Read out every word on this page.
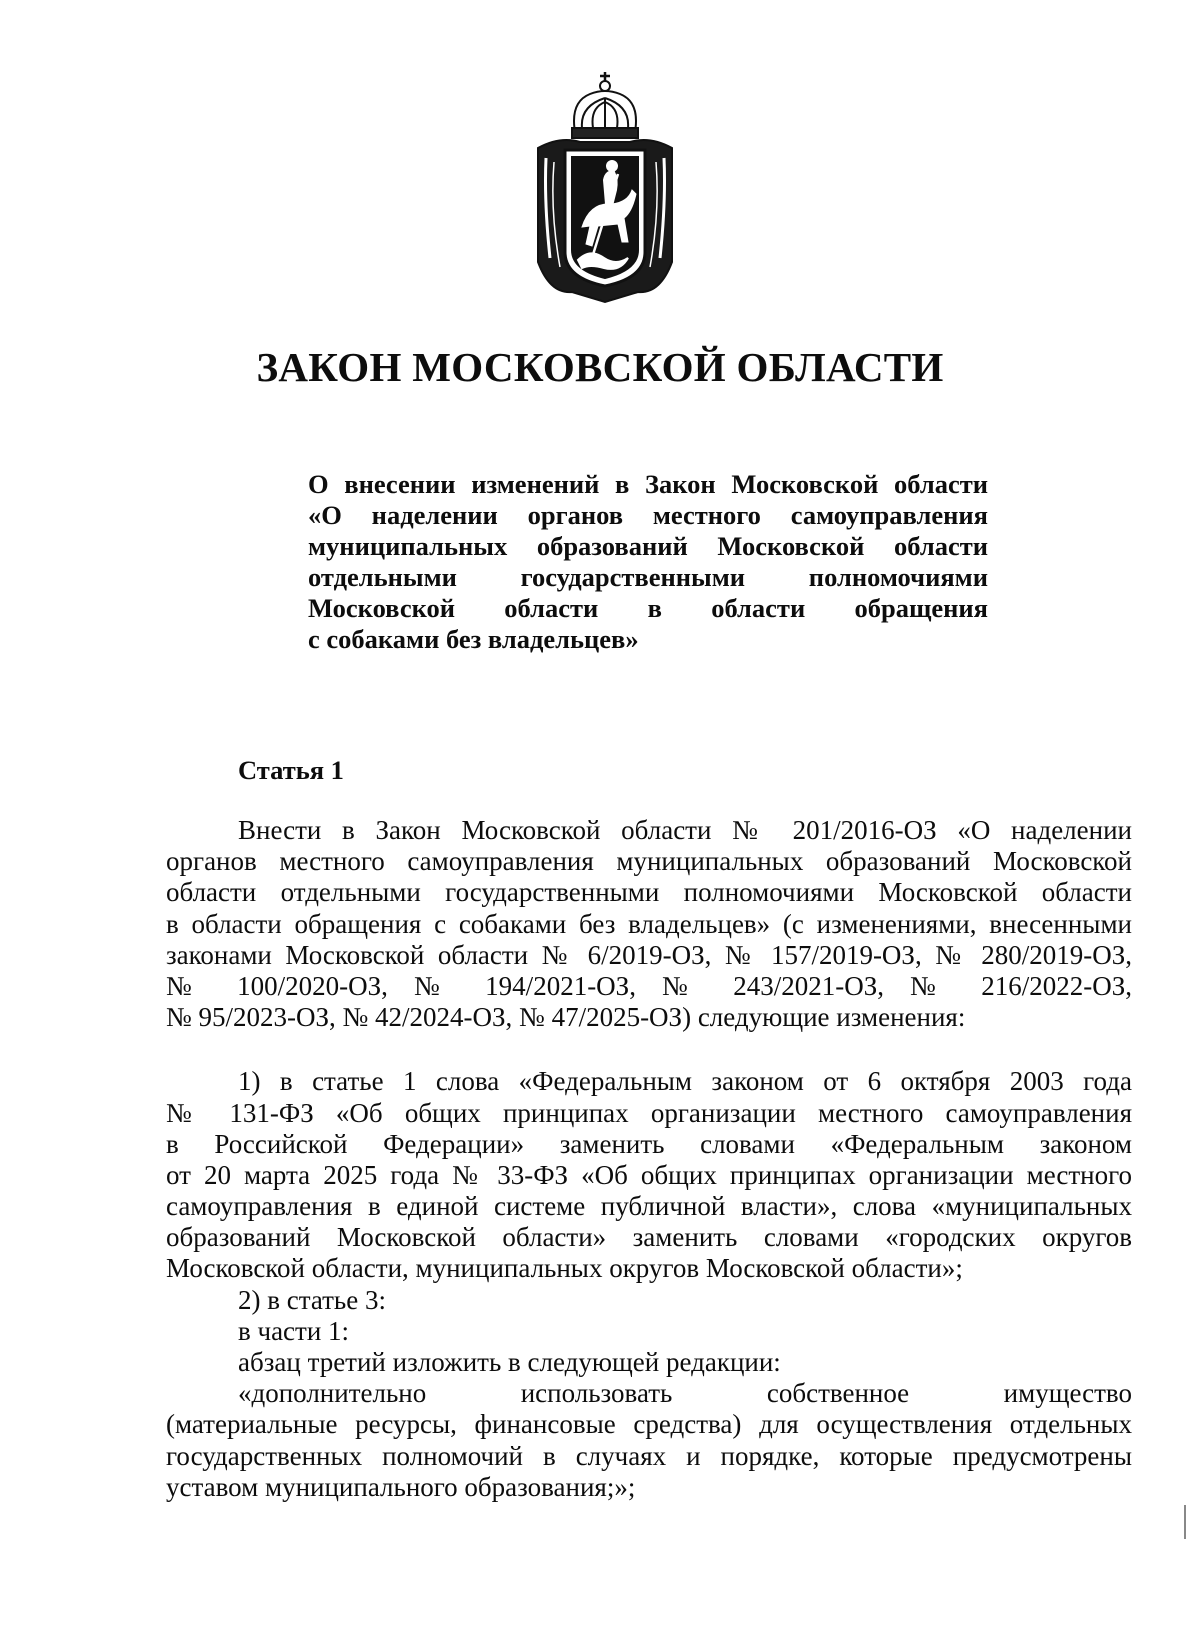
ЗАКОН МОСКОВСКОЙ ОБЛАСТИ
О внесении изменений в Закон Московской области
«О наделении органов местного самоуправления
муниципальных образований Московской области
отдельными государственными полномочиями
Московской области в области обращения
с собаками без владельцев»
Статья 1
Внести в Закон Московской области № 201/2016-ОЗ «О наделении
органов местного самоуправления муниципальных образований Московской
области отдельными государственными полномочиями Московской области
в области обращения с собаками без владельцев» (с изменениями, внесенными
законами Московской области № 6/2019-ОЗ, № 157/2019-ОЗ, № 280/2019-ОЗ,
№ 100/2020-ОЗ, № 194/2021-ОЗ, № 243/2021-ОЗ, № 216/2022-ОЗ,
№ 95/2023-ОЗ, № 42/2024-ОЗ, № 47/2025-ОЗ) следующие изменения:
1) в статье 1 слова «Федеральным законом от 6 октября 2003 года
№ 131-ФЗ «Об общих принципах организации местного самоуправления
в Российской Федерации» заменить словами «Федеральным законом
от 20 марта 2025 года № 33-ФЗ «Об общих принципах организации местного
самоуправления в единой системе публичной власти», слова «муниципальных
образований Московской области» заменить словами «городских округов
Московской области, муниципальных округов Московской области»;
2) в статье 3:
в части 1:
абзац третий изложить в следующей редакции:
«дополнительно использовать собственное имущество
(материальные ресурсы, финансовые средства) для осуществления отдельных
государственных полномочий в случаях и порядке, которые предусмотрены
уставом муниципального образования;»;
